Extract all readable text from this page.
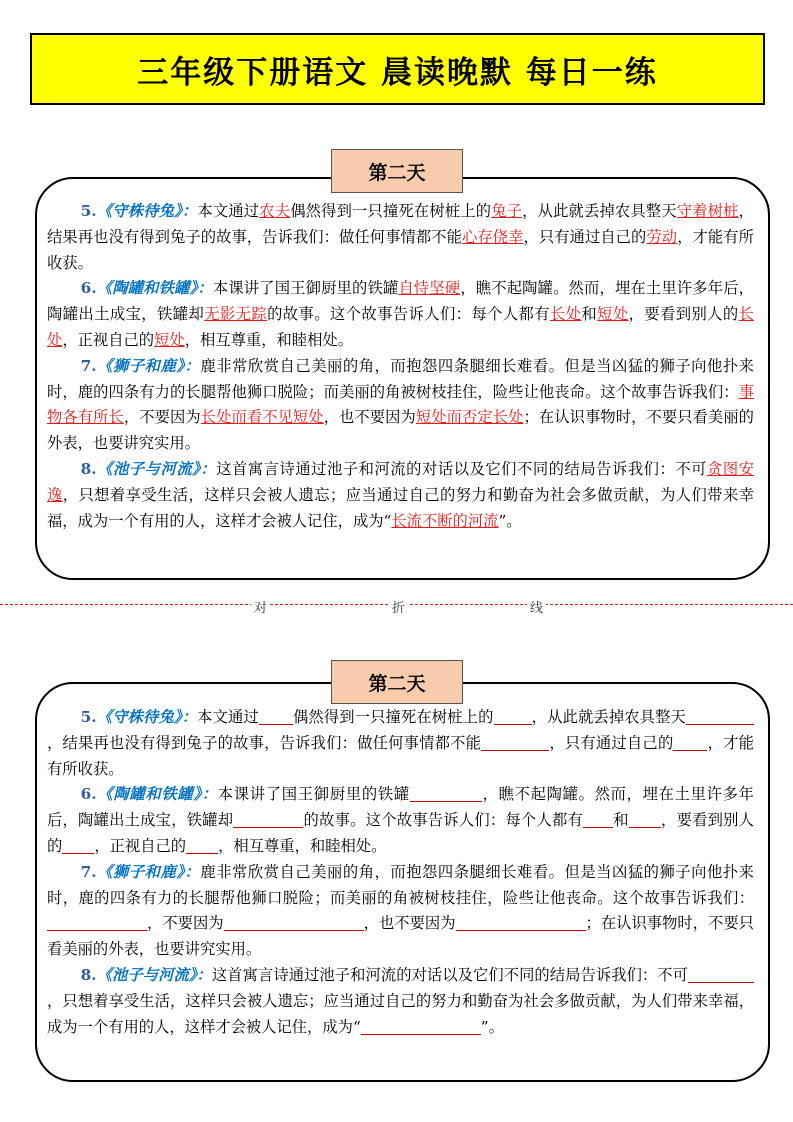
三年级下册语文 晨读晚默 每日一练
第二天

5.《守株待兔》：本文通过农夫偶然得到一只撞死在树桩上的兔子，从此就丢掉农具整天守着树桩，结果再也没有得到兔子的故事，告诉我们：做任何事情都不能心存侥幸，只有通过自己的劳动，才能有所收获。

6.《陶罐和铁罐》：本课讲了国王御厨里的铁罐自恃坚硬，瞧不起陶罐。然而，埋在土里许多年后，陶罐出土成宝，铁罐却无影无踪的故事。这个故事告诉人们：每个人都有长处和短处，要看到别人的长处，正视自己的短处，相互尊重，和睦相处。

7.《狮子和鹿》：鹿非常欣赏自己美丽的角，而抱怨四条腿细长难看。但是当凶猛的狮子向他扑来时，鹿的四条有力的长腿帮他狮口脱险；而美丽的角被树枝挂住，险些让他丧命。这个故事告诉我们：事物各有所长，不要因为长处而看不见短处，也不要因为短处而否定长处；在认识事物时，不要只看美丽的外表，也要讲究实用。

8.《池子与河流》：这首寓言诗通过池子和河流的对话以及它们不同的结局告诉我们：不可贪图安逸，只想着享受生活，这样只会被人遗忘；应当通过自己的努力和勤奋为社会多做贡献，为人们带来幸福，成为一个有用的人，这样才会被人记住，成为“长流不断的河流”。

对	折	线
第二天

5.《守株待兔》：本文通过 偶然得到一只撞死在树桩上的 ，从此就丢掉农具整天，结果再也没有得到兔子的故事，告诉我们：做任何事情都不能	，只有通过自己的 ，才能有所收获。

6.《陶罐和铁罐》：本课讲了国王御厨里的铁罐	，瞧不起陶罐。然而，埋在土里许多年后，陶罐出土成宝，铁罐却	的故事。这个故事告诉人们：每个人都有 和 ，要看到别人的 ，正视自己的 ，相互尊重，和睦相处。

7.《狮子和鹿》：鹿非常欣赏自己美丽的角，而抱怨四条腿细长难看。但是当凶猛的狮子向他扑来时，鹿的四条有力的长腿帮他狮口脱险；而美丽的角被树枝挂住，险些让他丧命。这个故事告诉我们：，不要因为	，也不要因为	；在认识事物时，不要只看美丽的外表，也要讲究实用。

8.《池子与河流》：这首寓言诗通过池子和河流的对话以及它们不同的结局告诉我们：不可，只想着享受生活，这样只会被人遗忘；应当通过自己的努力和勤奋为社会多做贡献，为人们带来幸福，成为一个有用的人，这样才会被人记住，成为“	”。
